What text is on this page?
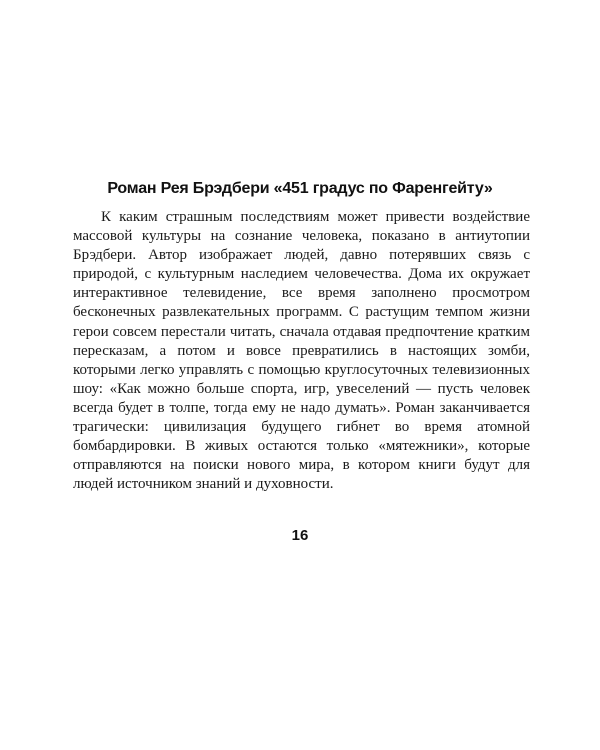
Роман Рея Брэдбери «451 градус по Фаренгейту»

К каким страшным последствиям может привести воздействие массовой культуры на сознание человека, показано в антиутопии Брэдбери. Автор изображает людей, давно потерявших связь с природой, с культурным наследием человечества. Дома их окружает интерактивное телевидение, все время заполнено просмотром бесконечных развлекательных программ. С растущим темпом жизни герои совсем перестали читать, сначала отдавая предпочтение кратким пересказам, а потом и вовсе превратились в настоящих зомби, которыми легко управлять с помощью круглосуточных телевизионных шоу: «Как можно больше спорта, игр, увеселений — пусть человек всегда будет в толпе, тогда ему не надо думать». Роман заканчивается трагически: цивилизация будущего гибнет во время атомной бомбардировки. В живых остаются только «мятежники», которые отправляются на поиски нового мира, в котором книги будут для людей источником знаний и духовности.

16
